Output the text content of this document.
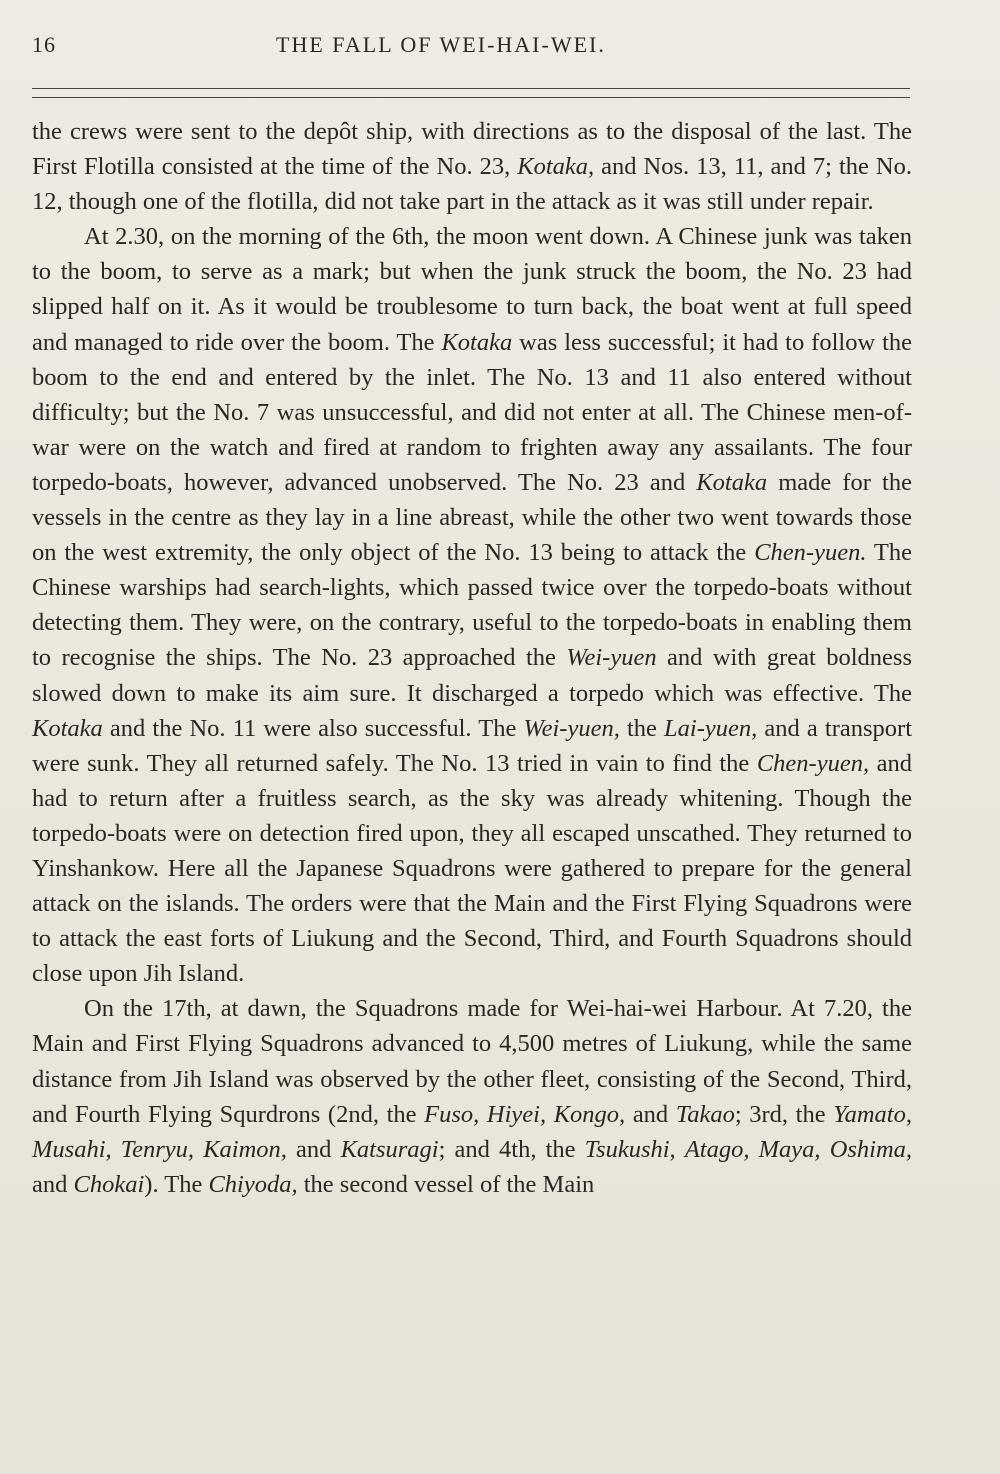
16	THE FALL OF WEI-HAI-WEI.

the crews were sent to the depôt ship, with directions as to the disposal of the last. The First Flotilla consisted at the time of the No. 23, Kotaka, and Nos. 13, 11, and 7; the No. 12, though one of the flotilla, did not take part in the attack as it was still under repair.

At 2.30, on the morning of the 6th, the moon went down. A Chinese junk was taken to the boom, to serve as a mark; but when the junk struck the boom, the No. 23 had slipped half on it. As it would be troublesome to turn back, the boat went at full speed and managed to ride over the boom. The Kotaka was less successful; it had to follow the boom to the end and entered by the inlet. The No. 13 and 11 also entered without difficulty; but the No. 7 was unsuccessful, and did not enter at all. The Chinese men-of-war were on the watch and fired at random to frighten away any assailants. The four torpedo-boats, however, advanced unobserved. The No. 23 and Kotaka made for the vessels in the centre as they lay in a line abreast, while the other two went towards those on the west extremity, the only object of the No. 13 being to attack the Chen-yuen. The Chinese warships had search-lights, which passed twice over the torpedo-boats without detecting them. They were, on the contrary, useful to the torpedo-boats in enabling them to recognise the ships. The No. 23 approached the Wei-yuen and with great boldness slowed down to make its aim sure. It discharged a torpedo which was effective. The Kotaka and the No. 11 were also successful. The Wei-yuen, the Lai-yuen, and a transport were sunk. They all returned safely. The No. 13 tried in vain to find the Chen-yuen, and had to return after a fruitless search, as the sky was already whitening. Though the torpedo-boats were on detection fired upon, they all escaped unscathed. They returned to Yinshankow. Here all the Japanese Squadrons were gathered to prepare for the general attack on the islands. The orders were that the Main and the First Flying Squadrons were to attack the east forts of Liukung and the Second, Third, and Fourth Squadrons should close upon Jih Island.

On the 17th, at dawn, the Squadrons made for Wei-hai-wei Harbour. At 7.20, the Main and First Flying Squadrons advanced to 4,500 metres of Liukung, while the same distance from Jih Island was observed by the other fleet, consisting of the Second, Third, and Fourth Flying Squrdrons (2nd, the Fuso, Hiyei, Kongo, and Takao; 3rd, the Yamato, Musahi, Tenryu, Kaimon, and Katsuragi; and 4th, the Tsukushi, Atago, Maya, Oshima, and Chokai). The Chiyoda, the second vessel of the Main
